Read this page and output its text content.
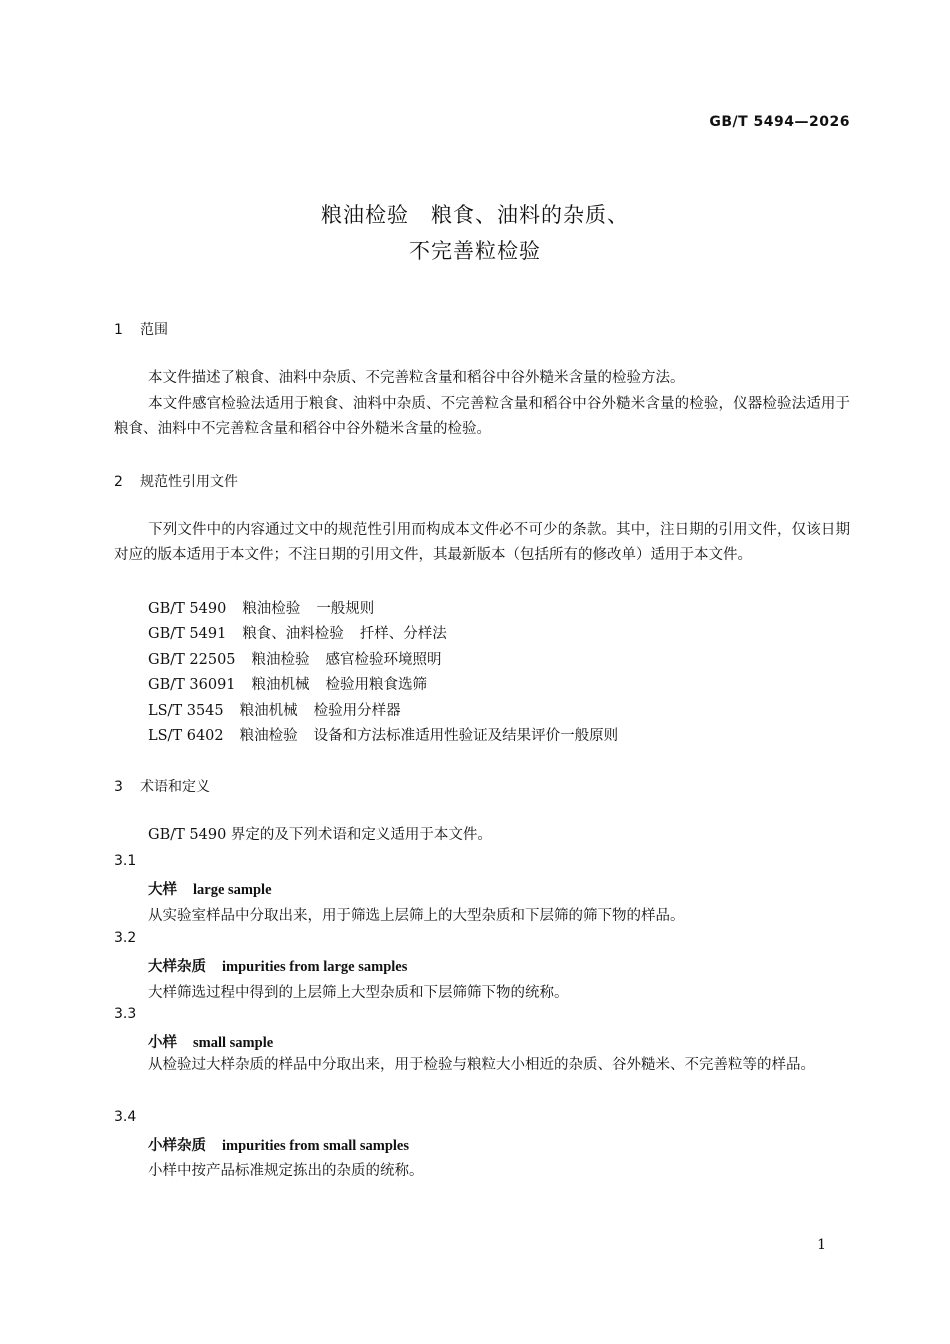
GB/T 5494—2026
粮油检验　粮食、油料的杂质、
不完善粒检验
1 范围
本文件描述了粮食、油料中杂质、不完善粒含量和稻谷中谷外糙米含量的检验方法。
本文件感官检验法适用于粮食、油料中杂质、不完善粒含量和稻谷中谷外糙米含量的检验，仪器检验法适用于粮食、油料中不完善粒含量和稻谷中谷外糙米含量的检验。
2 规范性引用文件
下列文件中的内容通过文中的规范性引用而构成本文件必不可少的条款。其中，注日期的引用文件，仅该日期对应的版本适用于本文件；不注日期的引用文件，其最新版本（包括所有的修改单）适用于本文件。
GB/T 5490 粮油检验 一般规则
GB/T 5491 粮食、油料检验 扦样、分样法
GB/T 22505 粮油检验 感官检验环境照明
GB/T 36091 粮油机械 检验用粮食选筛
LS/T 3545 粮油机械 检验用分样器
LS/T 6402 粮油检验 设备和方法标准适用性验证及结果评价一般原则
3 术语和定义
GB/T 5490 界定的及下列术语和定义适用于本文件。
3.1
大样 large sample
从实验室样品中分取出来，用于筛选上层筛上的大型杂质和下层筛的筛下物的样品。
3.2
大样杂质 impurities from large samples
大样筛选过程中得到的上层筛上大型杂质和下层筛筛下物的统称。
3.3
小样 small sample
从检验过大样杂质的样品中分取出来，用于检验与粮粒大小相近的杂质、谷外糙米、不完善粒等的样品。
3.4
小样杂质 impurities from small samples
小样中按产品标准规定拣出的杂质的统称。
1
